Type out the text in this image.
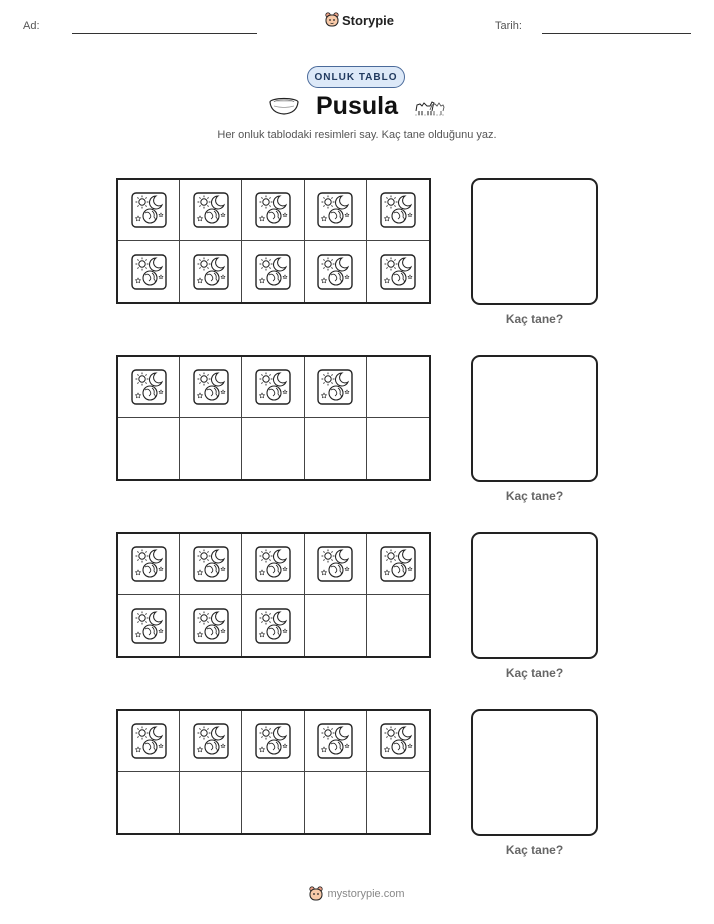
Ad:	Storypie	Tarih:
ONLUK TABLO
Pusula
Her onluk tablodaki resimleri say. Kaç tane olduğunu yaz.
Kaç tane?
Kaç tane?
Kaç tane?
Kaç tane?
mystorypie.com
